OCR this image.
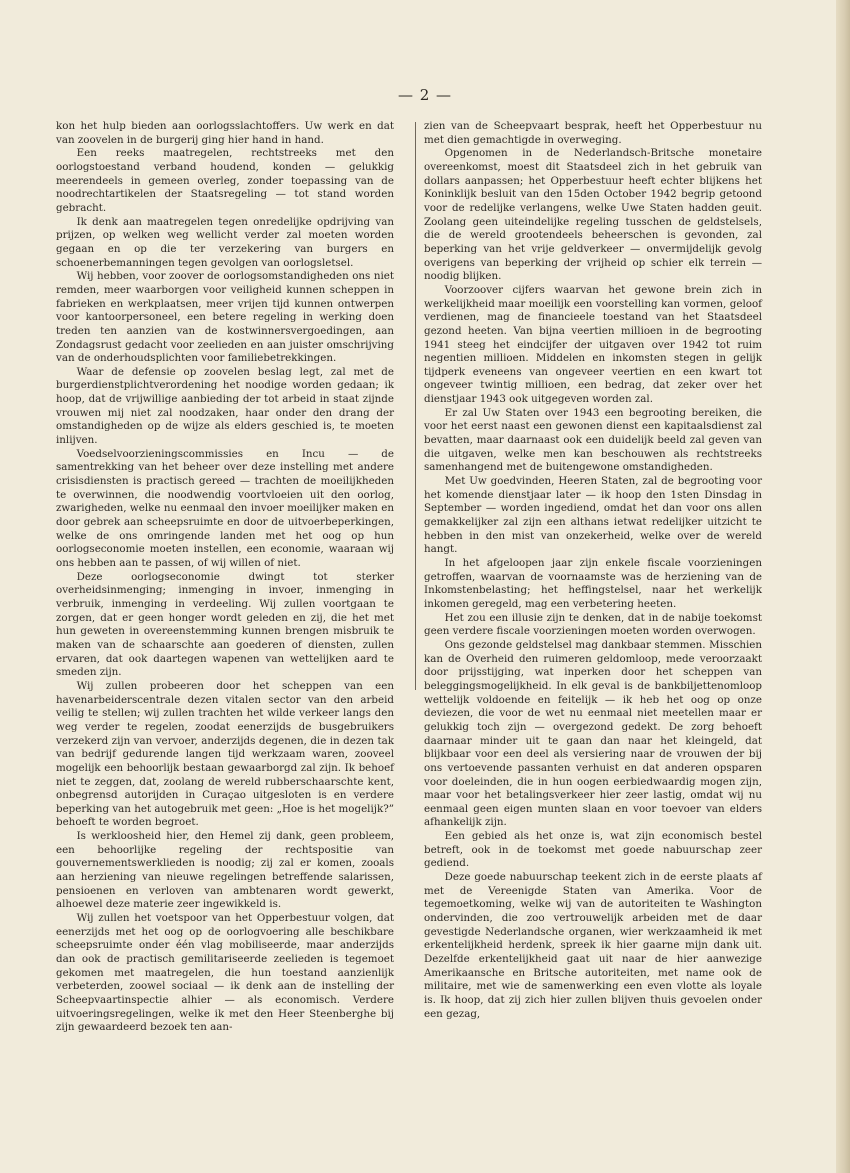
— 2 —

kon het hulp bieden aan oorlogsslachtoffers. Uw werk en dat van zoovelen in de burgerij ging hier hand in hand.

Een reeks maatregelen, rechtstreeks met den oorlogstoestand verband houdend, konden — gelukkig meerendeels in gemeen overleg, zonder toepassing van de noodrechtartikelen der Staatsregeling — tot stand worden gebracht.

Ik denk aan maatregelen tegen onredelijke opdrijving van prijzen, op welken weg wellicht verder zal moeten worden gegaan en op die ter verzekering van burgers en schoenerbemanningen tegen gevolgen van oorlogsletsel.

Wij hebben, voor zoover de oorlogsomstandigheden ons niet remden, meer waarborgen voor veiligheid kunnen scheppen in fabrieken en werkplaatsen, meer vrijen tijd kunnen ontwerpen voor kantoorpersoneel, een betere regeling in werking doen treden ten aanzien van de kostwinnersvergoedingen, aan Zondagsrust gedacht voor zeelieden en aan juister omschrijving van de onderhoudsplichten voor familiebetrekkingen.

Waar de defensie op zoovelen beslag legt, zal met de burgerdienstplichtverordening het noodige worden gedaan; ik hoop, dat de vrijwillige aanbieding der tot arbeid in staat zijnde vrouwen mij niet zal noodzaken, haar onder den drang der omstandigheden op de wijze als elders geschied is, te moeten inlijven.

Voedselvoorzieningscommissies en Incu — de samentrekking van het beheer over deze instelling met andere crisisdiensten is practisch gereed — trachten de moeilijkheden te overwinnen, die noodwendig voortvloeien uit den oorlog, zwarigheden, welke nu eenmaal den invoer moeilijker maken en door gebrek aan scheepsruimte en door de uitvoerbeperkingen, welke de ons omringende landen met het oog op hun oorlogseconomie moeten instellen, een economie, waaraan wij ons hebben aan te passen, of wij willen of niet.

Deze oorlogseconomie dwingt tot sterker overheidsinmenging; inmenging in invoer, inmenging in verbruik, inmenging in verdeeling. Wij zullen voortgaan te zorgen, dat er geen honger wordt geleden en zij, die het met hun geweten in overeenstemming kunnen brengen misbruik te maken van de schaarschte aan goederen of diensten, zullen ervaren, dat ook daartegen wapenen van wettelijken aard te smeden zijn.

Wij zullen probeeren door het scheppen van een havenarbeiderscentrale dezen vitalen sector van den arbeid veilig te stellen; wij zullen trachten het wilde verkeer langs den weg verder te regelen, zoodat eenerzijds de busgebruikers verzekerd zijn van vervoer, anderzijds degenen, die in dezen tak van bedrijf gedurende langen tijd werkzaam waren, zooveel mogelijk een behoorlijk bestaan gewaarborgd zal zijn. Ik behoef niet te zeggen, dat, zoolang de wereld rubberschaarschte kent, onbegrensd autorijden in Curaçao uitgesloten is en verdere beperking van het autogebruik met geen: „Hoe is het mogelijk?” behoeft te worden begroet.

Is werkloosheid hier, den Hemel zij dank, geen probleem, een behoorlijke regeling der rechtspositie van gouvernementswerklieden is noodig; zij zal er komen, zooals aan herziening van nieuwe regelingen betreffende salarissen, pensioenen en verloven van ambtenaren wordt gewerkt, alhoewel deze materie zeer ingewikkeld is.

Wij zullen het voetspoor van het Opperbestuur volgen, dat eenerzijds met het oog op de oorlogvoering alle beschikbare scheepsruimte onder één vlag mobiliseerde, maar anderzijds dan ook de practisch gemilitariseerde zeelieden is tegemoet gekomen met maatregelen, die hun toestand aanzienlijk verbeterden, zoowel sociaal — ik denk aan de instelling der Scheepvaartinspectie alhier — als economisch. Verdere uitvoeringsregelingen, welke ik met den Heer Steenberghe bij zijn gewaardeerd bezoek ten aan-

zien van de Scheepvaart besprak, heeft het Opperbestuur nu met dien gemachtigde in overweging.

Opgenomen in de Nederlandsch-Britsche monetaire overeenkomst, moest dit Staatsdeel zich in het gebruik van dollars aanpassen; het Opperbestuur heeft echter blijkens het Koninklijk besluit van den 15den October 1942 begrip getoond voor de redelijke verlangens, welke Uwe Staten hadden geuit. Zoolang geen uiteindelijke regeling tusschen de geldstelsels, die de wereld grootendeels beheerschen is gevonden, zal beperking van het vrije geldverkeer — onvermijdelijk gevolg overigens van beperking der vrijheid op schier elk terrein — noodig blijken.

Voorzoover cijfers waarvan het gewone brein zich in werkelijkheid maar moeilijk een voorstelling kan vormen, geloof verdienen, mag de financieele toestand van het Staatsdeel gezond heeten. Van bijna veertien millioen in de begrooting 1941 steeg het eindcijfer der uitgaven over 1942 tot ruim negentien millioen. Middelen en inkomsten stegen in gelijk tijdperk eveneens van ongeveer veertien en een kwart tot ongeveer twintig millioen, een bedrag, dat zeker over het dienstjaar 1943 ook uitgegeven worden zal.

Er zal Uw Staten over 1943 een begrooting bereiken, die voor het eerst naast een gewonen dienst een kapitaalsdienst zal bevatten, maar daarnaast ook een duidelijk beeld zal geven van die uitgaven, welke men kan beschouwen als rechtstreeks samenhangend met de buitengewone omstandigheden.

Met Uw goedvinden, Heeren Staten, zal de begrooting voor het komende dienstjaar later — ik hoop den 1sten Dinsdag in September — worden ingediend, omdat het dan voor ons allen gemakkelijker zal zijn een althans ietwat redelijker uitzicht te hebben in den mist van onzekerheid, welke over de wereld hangt.

In het afgeloopen jaar zijn enkele fiscale voorzieningen getroffen, waarvan de voornaamste was de herziening van de Inkomstenbelasting; het heffingstelsel, naar het werkelijk inkomen geregeld, mag een verbetering heeten.

Het zou een illusie zijn te denken, dat in de nabije toekomst geen verdere fiscale voorzieningen moeten worden overwogen.

Ons gezonde geldstelsel mag dankbaar stemmen. Misschien kan de Overheid den ruimeren geldomloop, mede veroorzaakt door prijsstijging, wat inperken door het scheppen van beleggingsmogelijkheid. In elk geval is de bankbiljettenomloop wettelijk voldoende en feitelijk — ik heb het oog op onze deviezen, die voor de wet nu eenmaal niet meetellen maar er gelukkig toch zijn — overgezond gedekt. De zorg behoeft daarnaar minder uit te gaan dan naar het kleingeld, dat blijkbaar voor een deel als versiering naar de vrouwen der bij ons vertoevende passanten verhuist en dat anderen opsparen voor doeleinden, die in hun oogen eerbiedwaardig mogen zijn, maar voor het betalingsverkeer hier zeer lastig, omdat wij nu eenmaal geen eigen munten slaan en voor toevoer van elders afhankelijk zijn.

Een gebied als het onze is, wat zijn economisch bestel betreft, ook in de toekomst met goede nabuurschap zeer gediend.

Deze goede nabuurschap teekent zich in de eerste plaats af met de Vereenigde Staten van Amerika. Voor de tegemoetkoming, welke wij van de autoriteiten te Washington ondervinden, die zoo vertrouwelijk arbeiden met de daar gevestigde Nederlandsche organen, wier werkzaamheid ik met erkentelijkheid herdenk, spreek ik hier gaarne mijn dank uit. Dezelfde erkentelijkheid gaat uit naar de hier aanwezige Amerikaansche en Britsche autoriteiten, met name ook de militaire, met wie de samenwerking een even vlotte als loyale is. Ik hoop, dat zij zich hier zullen blijven thuis gevoelen onder een gezag,
